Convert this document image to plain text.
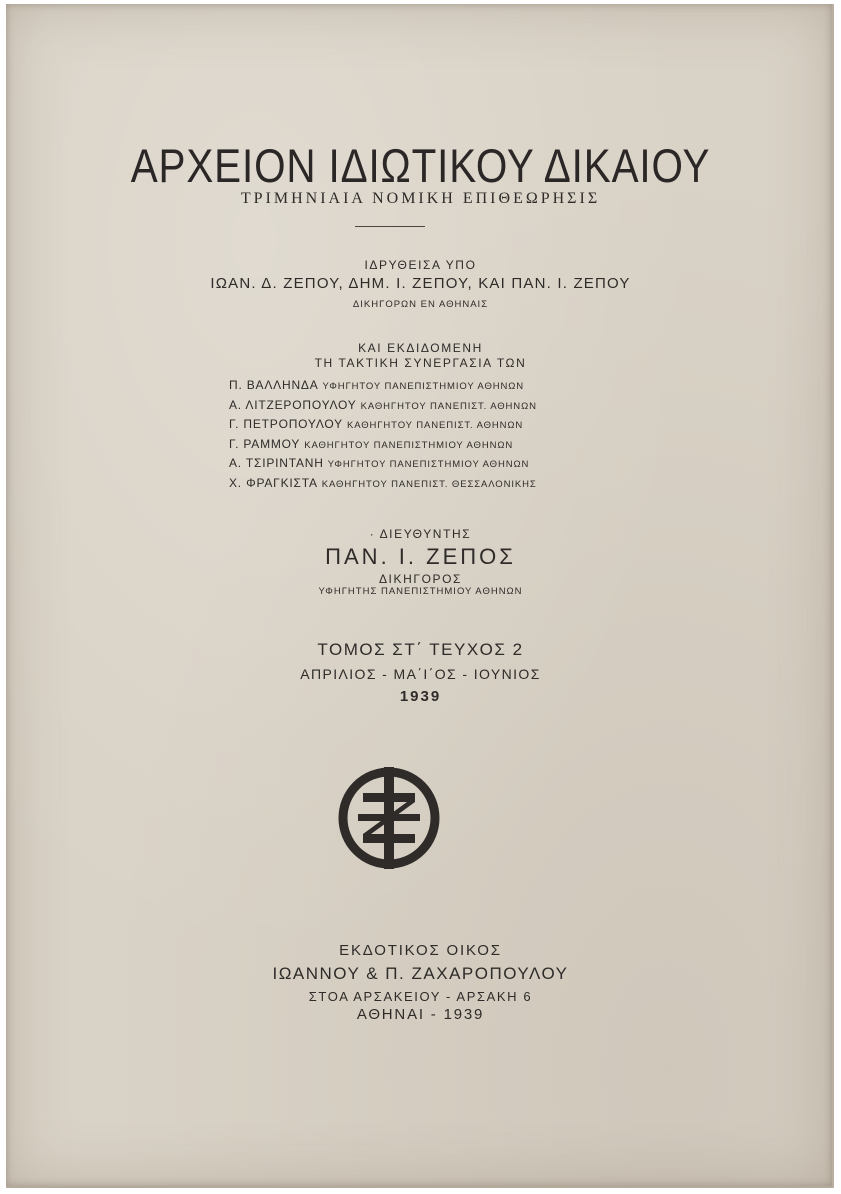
ΑΡΧΕΙΟΝ ΙΔΙΩΤΙΚΟΥ ΔΙΚΑΙΟΥ

ΤΡΙΜΗΝΙΑΙΑ ΝΟΜΙΚΗ ΕΠΙΘΕΩΡΗΣΙΣ

ΙΔΡΥΘΕΙΣΑ ΥΠΟ

ΙΩΑΝ. Δ. ΖΕΠΟΥ, ΔΗΜ. Ι. ΖΕΠΟΥ, ΚΑΙ ΠΑΝ. Ι. ΖΕΠΟΥ

ΔΙΚΗΓΟΡΩΝ ΕΝ ΑΘΗΝΑΙΣ

ΚΑΙ ΕΚΔΙΔΟΜΕΝΗ

ΤΗ ΤΑΚΤΙΚΗ ΣΥΝΕΡΓΑΣΙΑ ΤΩΝ

Π. ΒΑΛΛΗΝΔΑ ΥΦΗΓΗΤΟΥ ΠΑΝΕΠΙΣΤΗΜΙΟΥ ΑΘΗΝΩΝ
Α. ΛΙΤΖΕΡΟΠΟΥΛΟΥ ΚΑΘΗΓΗΤΟΥ ΠΑΝΕΠΙΣΤ. ΑΘΗΝΩΝ
Γ. ΠΕΤΡΟΠΟΥΛΟΥ ΚΑΘΗΓΗΤΟΥ ΠΑΝΕΠΙΣΤ. ΑΘΗΝΩΝ
Γ. ΡΑΜΜΟΥ ΚΑΘΗΓΗΤΟΥ ΠΑΝΕΠΙΣΤΗΜΙΟΥ ΑΘΗΝΩΝ
Α. ΤΣΙΡΙΝΤΑΝΗ ΥΦΗΓΗΤΟΥ ΠΑΝΕΠΙΣΤΗΜΙΟΥ ΑΘΗΝΩΝ
Χ. ΦΡΑΓΚΙΣΤΑ ΚΑΘΗΓΗΤΟΥ ΠΑΝΕΠΙΣΤ. ΘΕΣΣΑΛΟΝΙΚΗΣ

· ΔΙΕΥΘΥΝΤΗΣ

ΠΑΝ. Ι. ΖΕΠΟΣ

ΔΙΚΗΓΟΡΟΣ

ΥΦΗΓΗΤΗΣ ΠΑΝΕΠΙΣΤΗΜΙΟΥ ΑΘΗΝΩΝ

ΤΟΜΟΣ ΣΤ΄ ΤΕΥΧΟΣ 2

ΑΠΡΙΛΙΟΣ - ΜΑ΄Ι΄ΟΣ - ΙΟΥΝΙΟΣ

1939

ΕΚΔΟΤΙΚΟΣ ΟΙΚΟΣ

ΙΩΑΝΝΟΥ & Π. ΖΑΧΑΡΟΠΟΥΛΟΥ

ΣΤΟΑ ΑΡΣΑΚΕΙΟΥ - ΑΡΣΑΚΗ 6

ΑΘΗΝΑΙ - 1939
